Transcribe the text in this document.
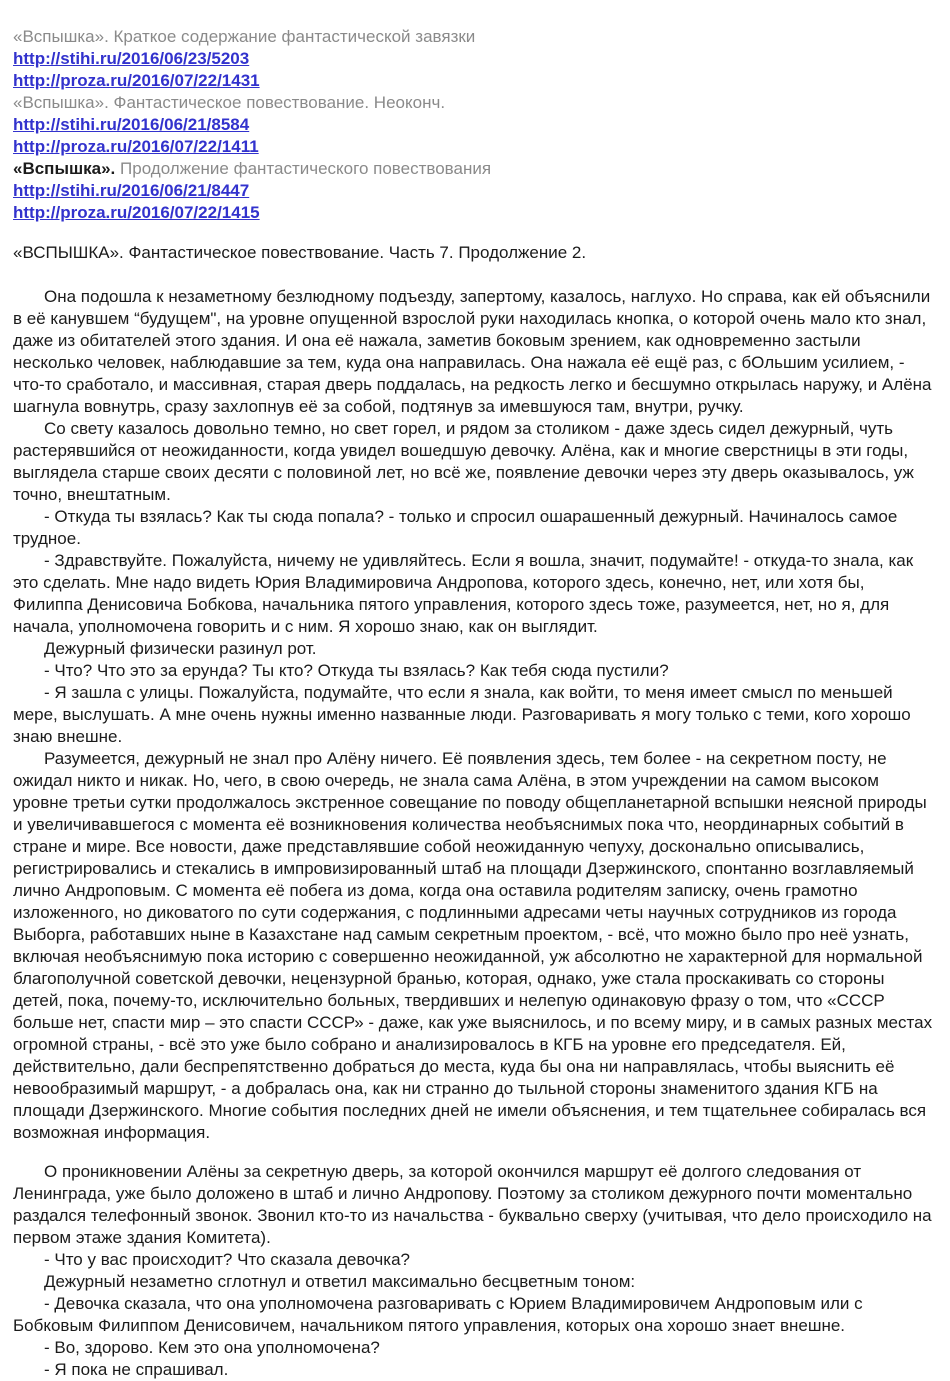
«Вспышка». Краткое содержание фантастической завязки
http://stihi.ru/2016/06/23/5203
http://proza.ru/2016/07/22/1431
«Вспышка». Фантастическое повествование. Неоконч.
http://stihi.ru/2016/06/21/8584
http://proza.ru/2016/07/22/1411
«Вспышка». Продолжение фантастического повествования
http://stihi.ru/2016/06/21/8447
http://proza.ru/2016/07/22/1415
«ВСПЫШКА». Фантастическое повествование. Часть 7. Продолжение 2.

Она подошла к незаметному безлюдному подъезду, запертому, казалось, наглухо. Но справа, как ей объяснили в её канувшем “будущем", на уровне опущенной взрослой руки находилась кнопка, о которой очень мало кто знал, даже из обитателей этого здания. И она её нажала, заметив боковым зрением, как одновременно застыли несколько человек, наблюдавшие за тем, куда она направилась. Она нажала её ещё раз, с бОльшим усилием, - что-то сработало, и массивная, старая дверь поддалась, на редкость легко и бесшумно открылась наружу, и Алёна шагнула вовнутрь, сразу захлопнув её за собой, подтянув за имевшуюся там, внутри, ручку.

Со свету казалось довольно темно, но свет горел, и рядом за столиком - даже здесь сидел дежурный, чуть растерявшийся от неожиданности, когда увидел вошедшую девочку. Алёна, как и многие сверстницы в эти годы, выглядела старше своих десяти с половиной лет, но всё же, появление девочки через эту дверь оказывалось, уж точно, внештатным.

- Откуда ты взялась? Как ты сюда попала? - только и спросил ошарашенный дежурный. Начиналось самое трудное.

- Здравствуйте. Пожалуйста, ничему не удивляйтесь. Если я вошла, значит, подумайте! - откуда-то знала, как это сделать. Мне надо видеть Юрия Владимировича Андропова, которого здесь, конечно, нет, или хотя бы, Филиппа Денисовича Бобкова, начальника пятого управления, которого здесь тоже, разумеется, нет, но я, для начала, уполномочена говорить и с ним. Я хорошо знаю, как он выглядит.

Дежурный физически разинул рот.

- Что? Что это за ерунда? Ты кто? Откуда ты взялась? Как тебя сюда пустили?

- Я зашла с улицы. Пожалуйста, подумайте, что если я знала, как войти, то меня имеет смысл по меньшей мере, выслушать. А мне очень нужны именно названные люди. Разговаривать я могу только с теми, кого хорошо знаю внешне.

Разумеется, дежурный не знал про Алёну ничего. Её появления здесь, тем более - на секретном посту, не ожидал никто и никак. Но, чего, в свою очередь, не знала сама Алёна, в этом учреждении на самом высоком уровне третьи сутки продолжалось экстренное совещание по поводу общепланетарной вспышки неясной природы и увеличивавшегося с момента её возникновения количества необъяснимых пока что, неординарных событий в стране и мире. Все новости, даже представлявшие собой неожиданную чепуху, досконально описывались, регистрировались и стекались в импровизированный штаб на площади Дзержинского, спонтанно возглавляемый лично Андроповым. С момента её побега из дома, когда она оставила родителям записку, очень грамотно изложенного, но диковатого по сути содержания, с подлинными адресами четы научных сотрудников из города Выборга, работавших ныне в Казахстане над самым секретным проектом, - всё, что можно было про неё узнать, включая необъяснимую пока историю с совершенно неожиданной, уж абсолютно не характерной для нормальной благополучной советской девочки, нецензурной бранью, которая, однако, уже стала проскакивать со стороны детей, пока, почему-то, исключительно больных, твердивших и нелепую одинаковую фразу о том, что «СССР больше нет, спасти мир – это спасти СССР» - даже, как уже выяснилось, и по всему миру, и в самых разных местах огромной страны, - всё это уже было собрано и анализировалось в КГБ на уровне его председателя. Ей, действительно, дали беспрепятственно добраться до места, куда бы она ни направлялась, чтобы выяснить её невообразимый маршрут, - а добралась она, как ни странно до тыльной стороны знаменитого здания КГБ на площади Дзержинского. Многие события последних дней не имели объяснения, и тем тщательнее собиралась вся возможная информация.

О проникновении Алёны за секретную дверь, за которой окончился маршрут её долгого следования от Ленинграда, уже было доложено в штаб и лично Андропову. Поэтому за столиком дежурного почти моментально раздался телефонный звонок. Звонил кто-то из начальства - буквально сверху (учитывая, что дело происходило на первом этаже здания Комитета).

- Что у вас происходит? Что сказала девочка?

Дежурный незаметно сглотнул и ответил максимально бесцветным тоном:

- Девочка сказала, что она уполномочена разговаривать с Юрием Владимировичем Андроповым или с Бобковым Филиппом Денисовичем, начальником пятого управления, которых она хорошо знает внешне.

- Во, здорово. Кем это она уполномочена?

- Я пока не спрашивал.
